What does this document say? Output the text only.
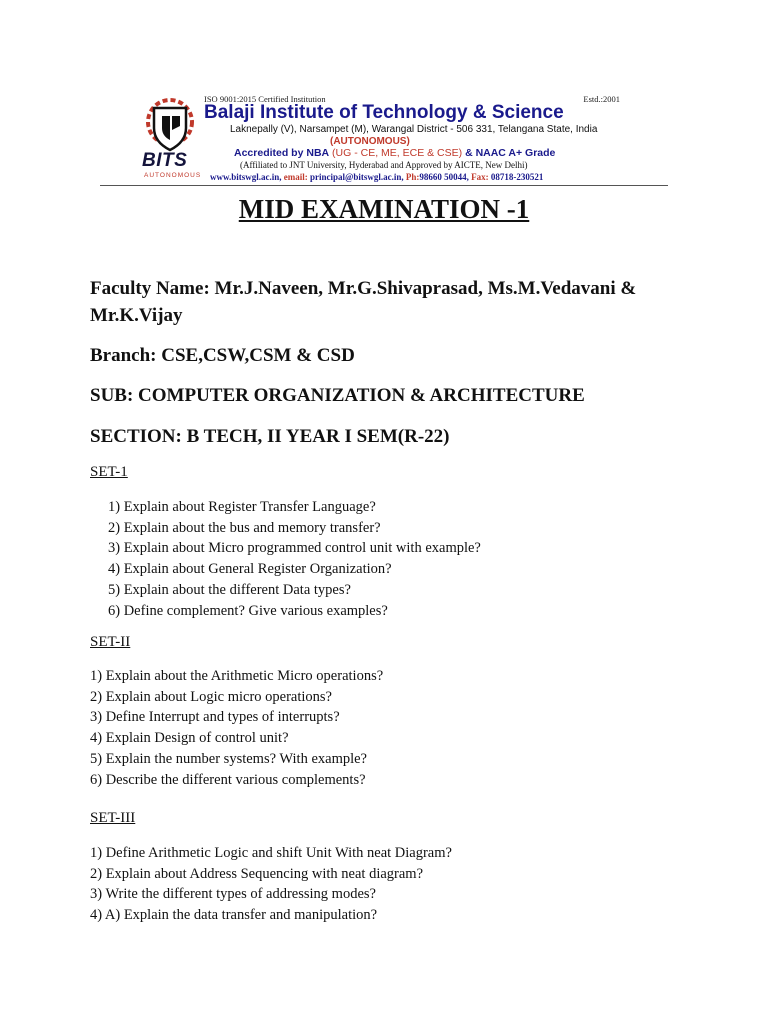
BITS
AUTONOMOUS
ISO 9001:2015 Certified Institution	Estd.:2001
Balaji Institute of Technology & Science
Laknepally (V), Narsampet (M), Warangal District - 506 331, Telangana State, India
(AUTONOMOUS)
Accredited by NBA (UG - CE, ME, ECE & CSE) & NAAC A+ Grade
(Affiliated to JNT University, Hyderabad and Approved by AICTE, New Delhi)
www.bitswgl.ac.in, email: principal@bitswgl.ac.in, Ph:98660 50044, Fax: 08718-230521
MID EXAMINATION -1
Faculty Name: Mr.J.Naveen, Mr.G.Shivaprasad, Ms.M.Vedavani & Mr.K.Vijay
Branch: CSE,CSW,CSM & CSD
SUB: COMPUTER ORGANIZATION & ARCHITECTURE
SECTION: B TECH, II YEAR I SEM(R-22)
SET-1
1) Explain about Register Transfer Language?
2) Explain about the bus and memory transfer?
3) Explain about Micro programmed control unit with example?
4) Explain about General Register Organization?
5) Explain about the different Data types?
6) Define complement? Give various examples?
SET-II
1) Explain about the Arithmetic Micro operations?
2) Explain about Logic micro operations?
3) Define Interrupt and types of interrupts?
4) Explain Design of control unit?
5) Explain the number systems? With example?
6) Describe the different various complements?
SET-III
1) Define Arithmetic Logic and shift Unit With neat Diagram?
2) Explain about Address Sequencing with neat diagram?
3) Write the different types of addressing modes?
4) A) Explain the data transfer and manipulation?
